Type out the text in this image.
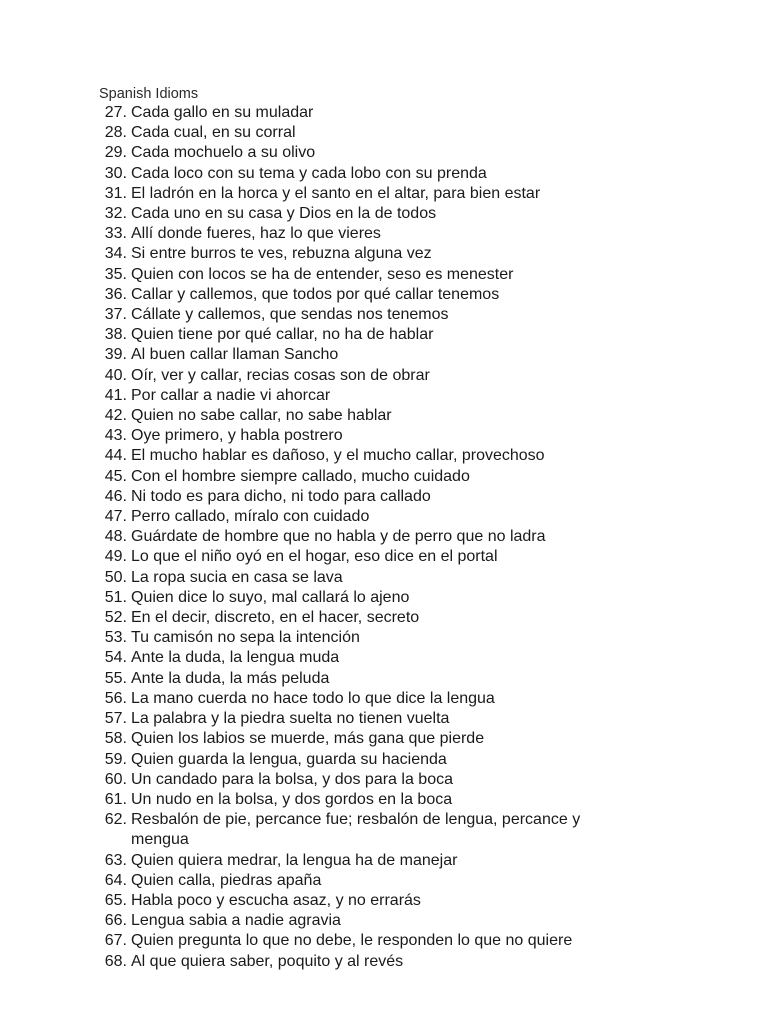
Spanish Idioms
27. Cada gallo en su muladar
28. Cada cual, en su corral
29. Cada mochuelo a su olivo
30. Cada loco con su tema y cada lobo con su prenda
31. El ladrón en la horca y el santo en el altar, para bien estar
32. Cada uno en su casa y Dios en la de todos
33. Allí donde fueres, haz lo que vieres
34. Si entre burros te ves, rebuzna alguna vez
35. Quien con locos se ha de entender, seso es menester
36. Callar y callemos, que todos por qué callar tenemos
37. Cállate y callemos, que sendas nos tenemos
38. Quien tiene por qué callar, no ha de hablar
39. Al buen callar llaman Sancho
40. Oír, ver y callar, recias cosas son de obrar
41. Por callar a nadie vi ahorcar
42. Quien no sabe callar, no sabe hablar
43. Oye primero, y habla postrero
44. El mucho hablar es dañoso, y el mucho callar, provechoso
45. Con el hombre siempre callado, mucho cuidado
46. Ni todo es para dicho, ni todo para callado
47. Perro callado, míralo con cuidado
48. Guárdate de hombre que no habla y de perro que no ladra
49. Lo que el niño oyó en el hogar, eso dice en el portal
50. La ropa sucia en casa se lava
51. Quien dice lo suyo, mal callará lo ajeno
52. En el decir, discreto, en el hacer, secreto
53. Tu camisón no sepa la intención
54. Ante la duda, la lengua muda
55. Ante la duda, la más peluda
56. La mano cuerda no hace todo lo que dice la lengua
57. La palabra y la piedra suelta no tienen vuelta
58. Quien los labios se muerde, más gana que pierde
59. Quien guarda la lengua, guarda su hacienda
60. Un candado para la bolsa, y dos para la boca
61. Un nudo en la bolsa, y dos gordos en la boca
62. Resbalón de pie, percance fue; resbalón de lengua, percance y mengua
63. Quien quiera medrar, la lengua ha de manejar
64. Quien calla, piedras apaña
65. Habla poco y escucha asaz, y no errarás
66. Lengua sabia a nadie agravia
67. Quien pregunta lo que no debe, le responden lo que no quiere
68. Al que quiera saber, poquito y al revés
